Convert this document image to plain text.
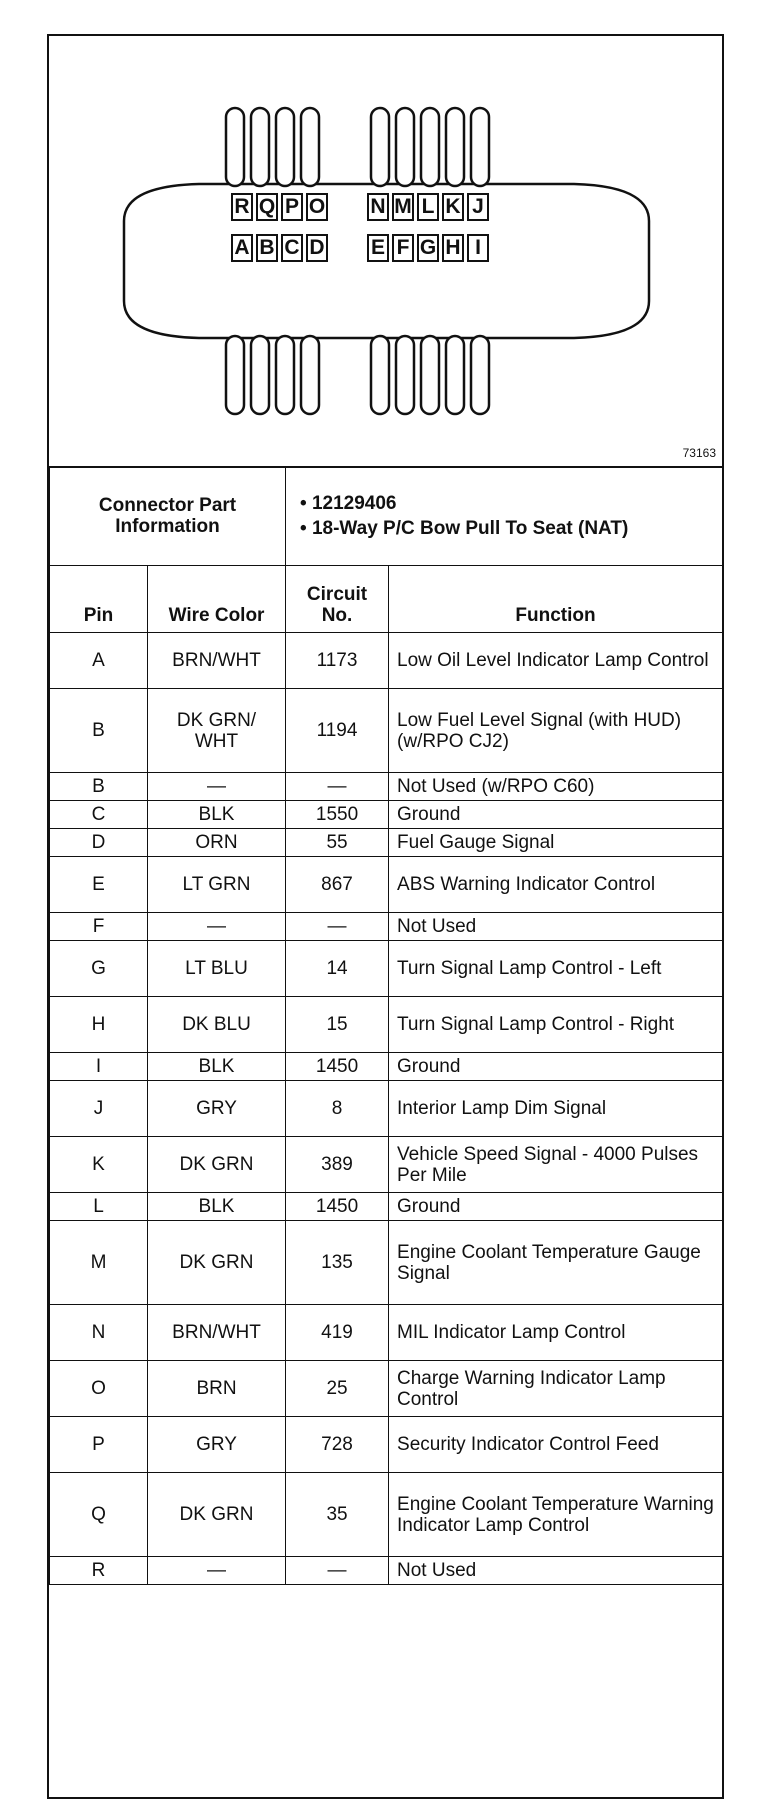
R Q P O N M L K J
A B C D E F G H I
73163
Connector Part Information		• 12129406
• 18-Way P/C Bow Pull To Seat (NAT)	

Pin	Wire Color	Circuit No.	Function
A	BRN/WHT	1173	Low Oil Level Indicator Lamp Control
B	DK GRN/ WHT	1194	Low Fuel Level Signal (with HUD) (w/RPO CJ2)
B	—	—	Not Used (w/RPO C60)
C	BLK	1550	Ground
D	ORN	55	Fuel Gauge Signal
E	LT GRN	867	ABS Warning Indicator Control
F	—	—	Not Used
G	LT BLU	14	Turn Signal Lamp Control - Left
H	DK BLU	15	Turn Signal Lamp Control - Right
I	BLK	1450	Ground
J	GRY	8	Interior Lamp Dim Signal
K	DK GRN	389	Vehicle Speed Signal - 4000 Pulses Per Mile
L	BLK	1450	Ground
M	DK GRN	135	Engine Coolant Temperature Gauge Signal
N	BRN/WHT	419	MIL Indicator Lamp Control
O	BRN	25	Charge Warning Indicator Lamp Control
P	GRY	728	Security Indicator Control Feed
Q	DK GRN	35	Engine Coolant Temperature Warning Indicator Lamp Control
R	—	—	Not Used
